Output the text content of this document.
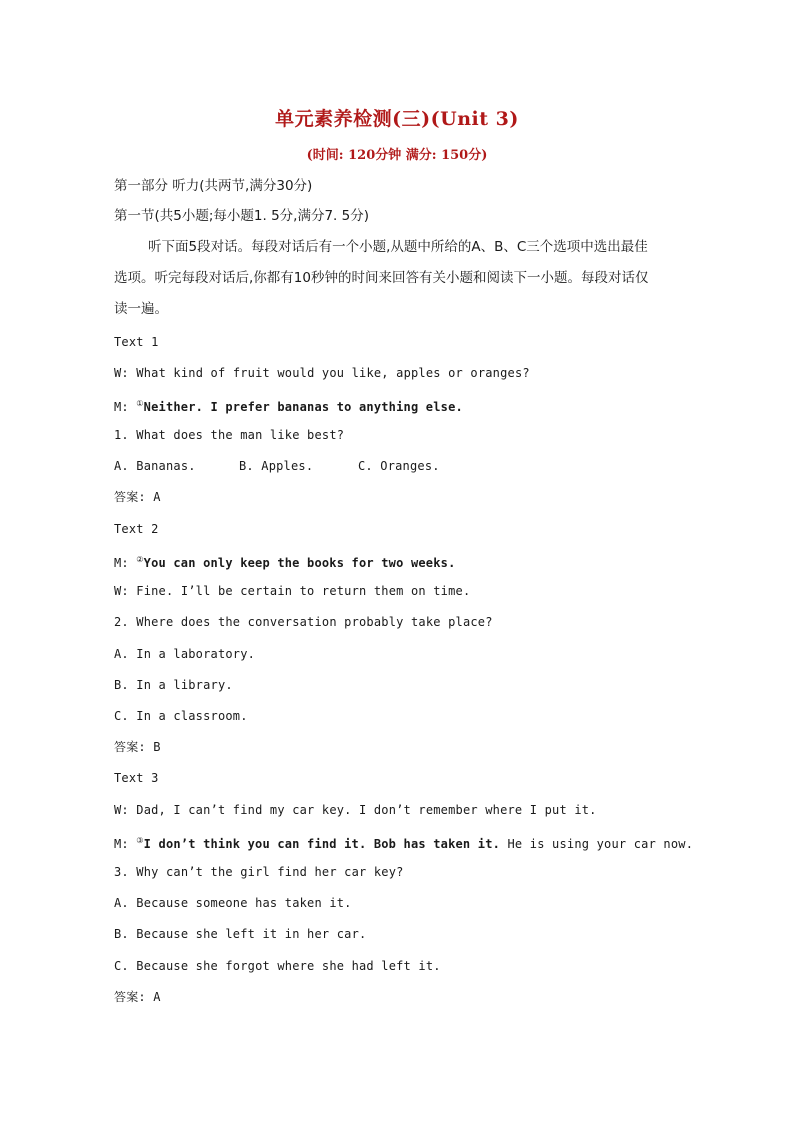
单元素养检测(三)(Unit 3)
(时间: 120分钟 满分: 150分)
第一部分 听力(共两节,满分30分)
第一节(共5小题;每小题1. 5分,满分7. 5分)
听下面5段对话。每段对话后有一个小题,从题中所给的A、B、C三个选项中选出最佳
选项。听完每段对话后,你都有10秒钟的时间来回答有关小题和阅读下一小题。每段对话仅
读一遍。
Text 1
W: What kind of fruit would you like, apples or oranges?
M: ①Neither. I prefer bananas to anything else.
1. What does the man like best?
A. Bananas.	B. Apples.	C. Oranges.
答案: A
Text 2
M: ②You can only keep the books for two weeks.
W: Fine. I’ll be certain to return them on time.
2. Where does the conversation probably take place?
A. In a laboratory.
B. In a library.
C. In a classroom.
答案: B
Text 3
W: Dad, I can’t find my car key. I don’t remember where I put it.
M: ③I don’t think you can find it. Bob has taken it. He is using your car now.
3. Why can’t the girl find her car key?
A. Because someone has taken it.
B. Because she left it in her car.
C. Because she forgot where she had left it.
答案: A
